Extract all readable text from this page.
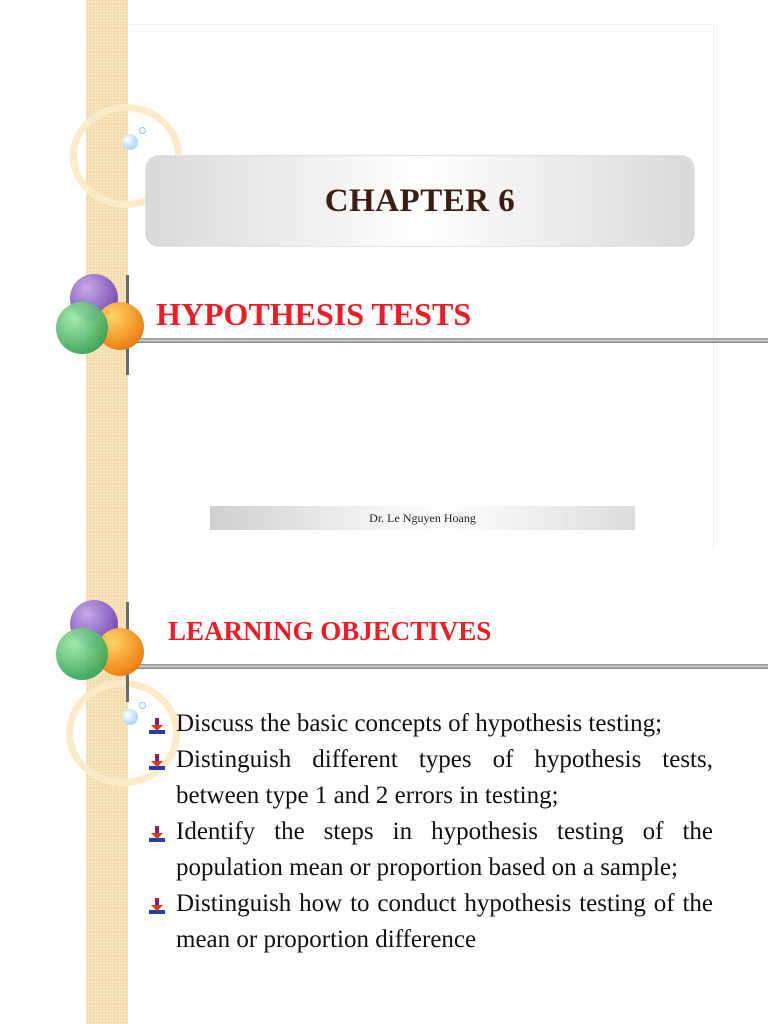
CHAPTER 6
HYPOTHESIS TESTS
Dr. Le Nguyen Hoang
LEARNING OBJECTIVES
Discuss the basic concepts of hypothesis testing;
Distinguish different types of hypothesis tests, between type 1 and 2 errors in testing;
Identify the steps in hypothesis testing of the population mean or proportion based on a sample;
Distinguish how to conduct hypothesis testing of the mean or proportion difference
